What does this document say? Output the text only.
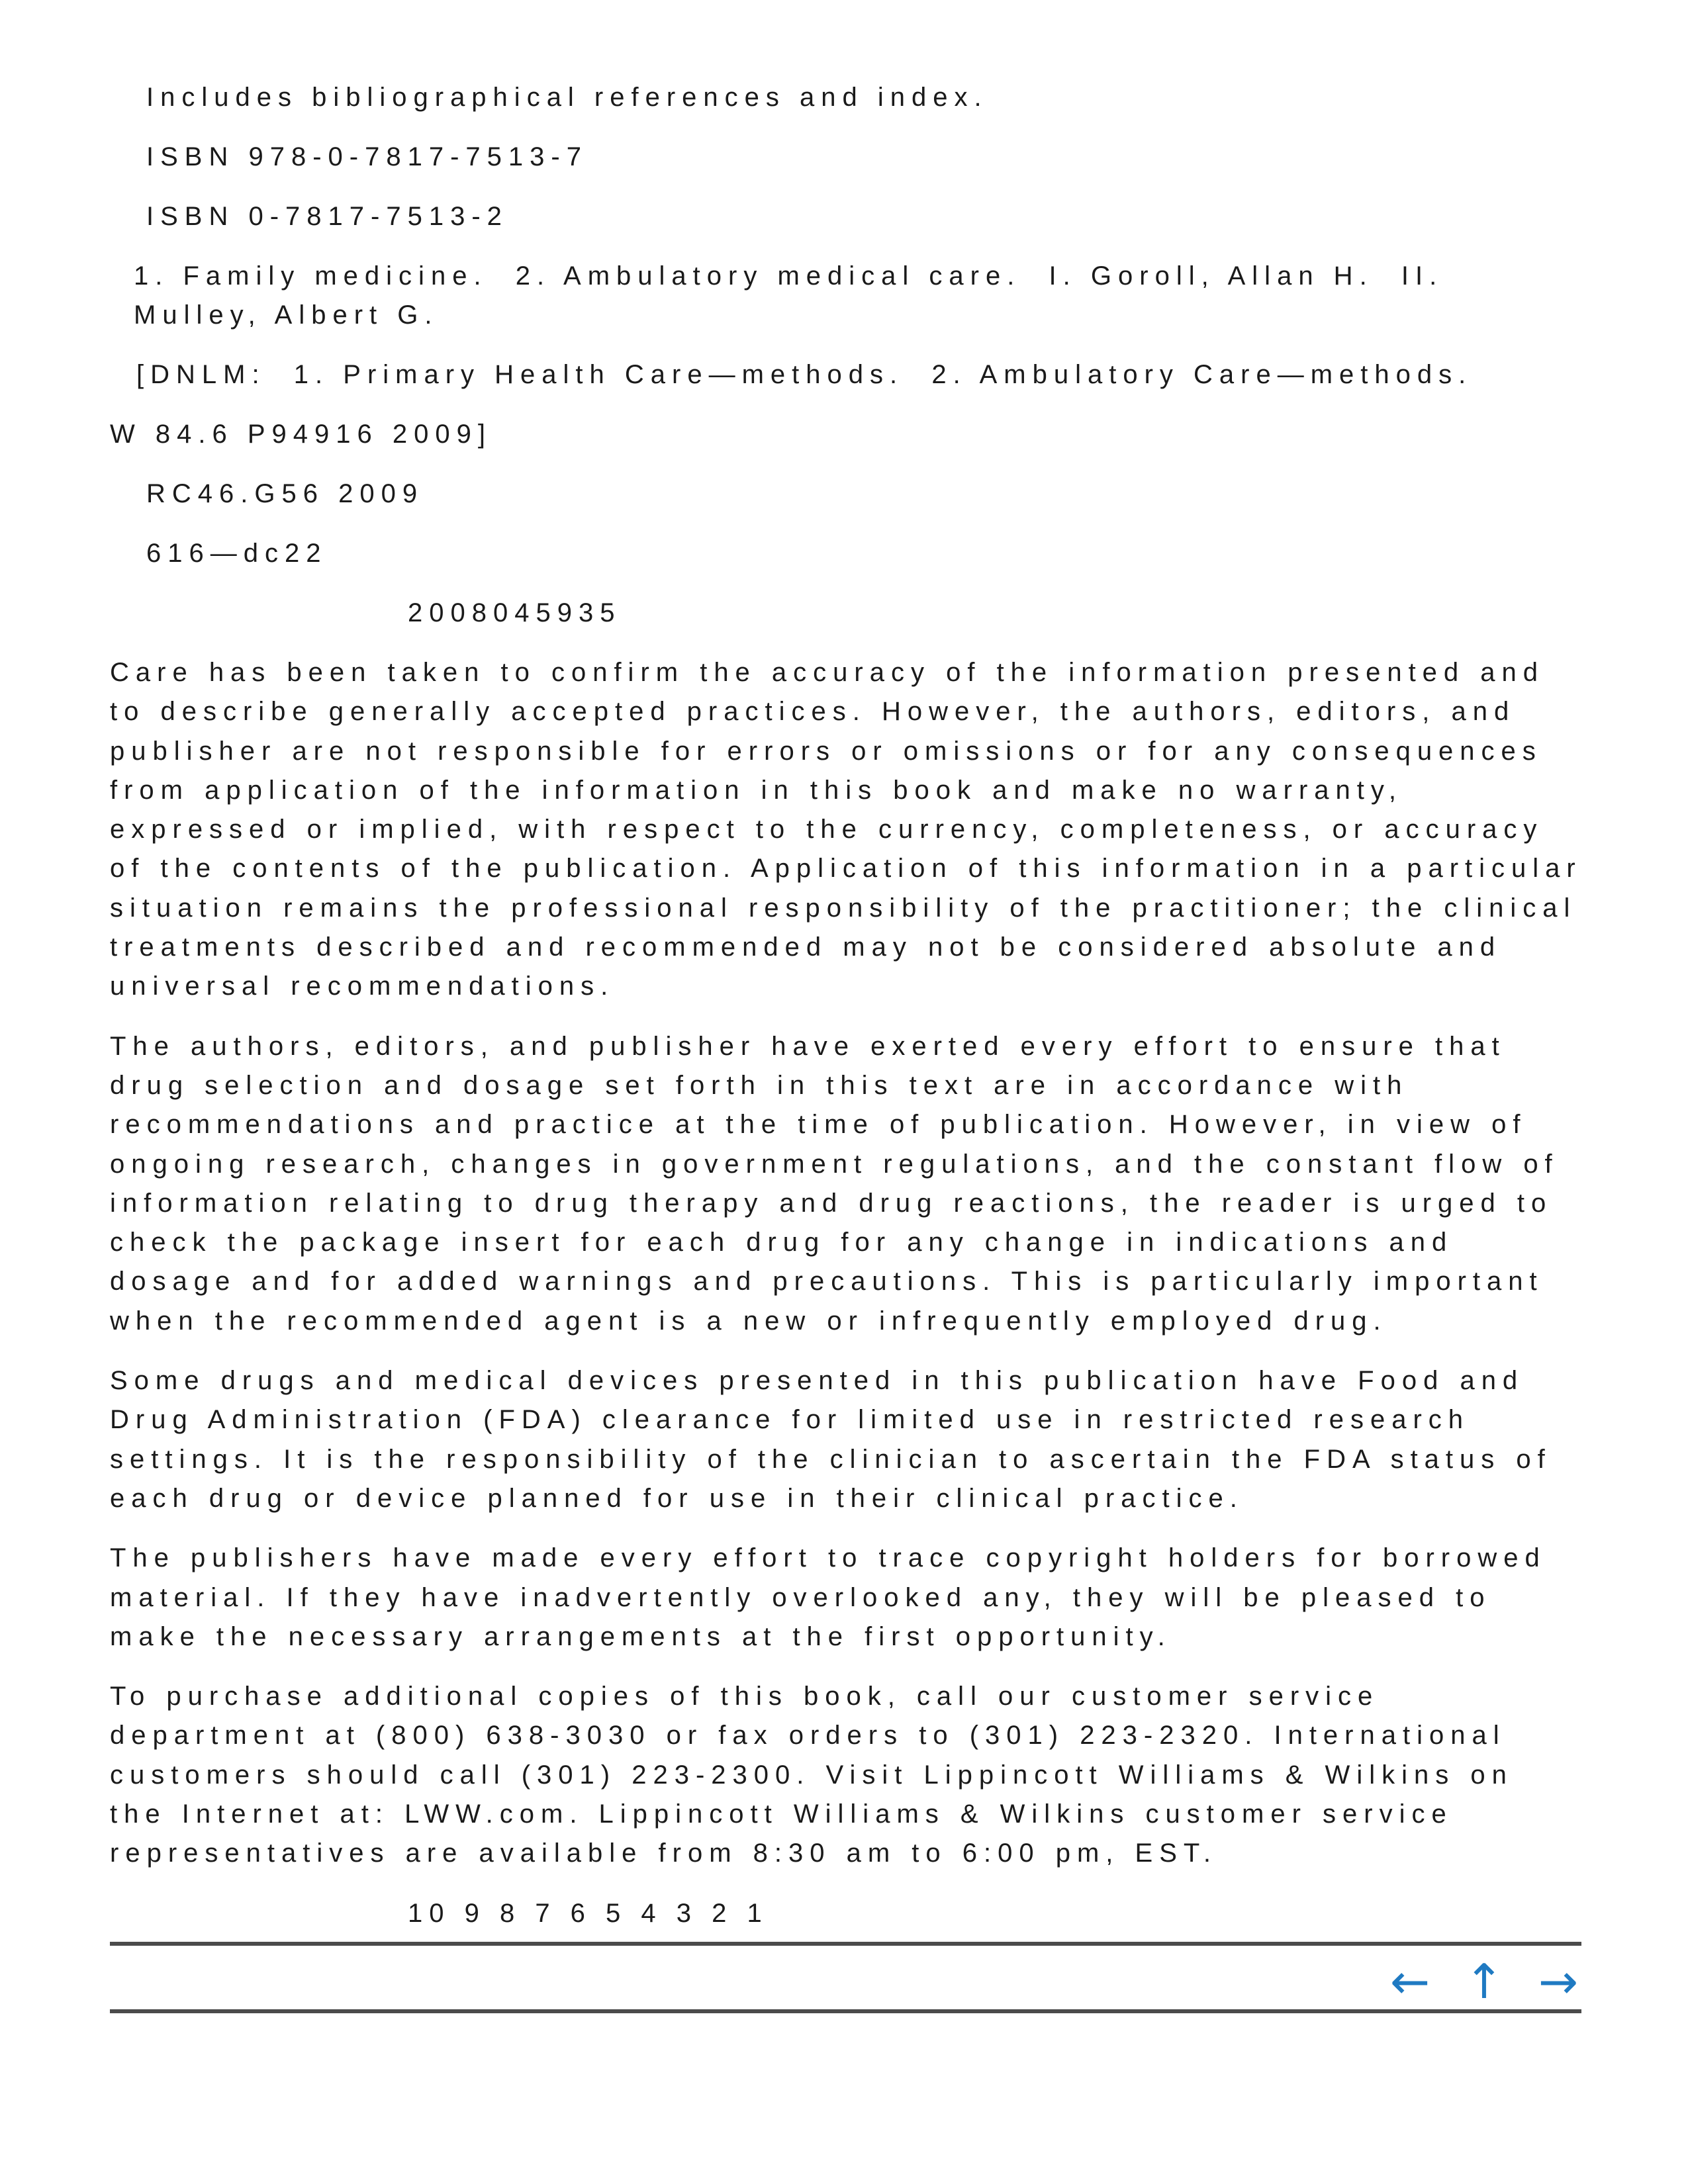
Includes bibliographical references and index.
ISBN 978-0-7817-7513-7
ISBN 0-7817-7513-2
1. Family medicine.  2. Ambulatory medical care.  I. Goroll, Allan H.  II. Mulley, Albert G.
[DNLM:  1. Primary Health Care—methods.  2. Ambulatory Care—methods.
W 84.6 P94916 2009]
RC46.G56 2009
616—dc22
2008045935

Care has been taken to confirm the accuracy of the information presented and to describe generally accepted practices. However, the authors, editors, and publisher are not responsible for errors or omissions or for any consequences from application of the information in this book and make no warranty, expressed or implied, with respect to the currency, completeness, or accuracy of the contents of the publication. Application of this information in a particular situation remains the professional responsibility of the practitioner; the clinical treatments described and recommended may not be considered absolute and universal recommendations.

The authors, editors, and publisher have exerted every effort to ensure that drug selection and dosage set forth in this text are in accordance with recommendations and practice at the time of publication. However, in view of ongoing research, changes in government regulations, and the constant flow of information relating to drug therapy and drug reactions, the reader is urged to check the package insert for each drug for any change in indications and dosage and for added warnings and precautions. This is particularly important when the recommended agent is a new or infrequently employed drug.

Some drugs and medical devices presented in this publication have Food and Drug Administration (FDA) clearance for limited use in restricted research settings. It is the responsibility of the clinician to ascertain the FDA status of each drug or device planned for use in their clinical practice.

The publishers have made every effort to trace copyright holders for borrowed material. If they have inadvertently overlooked any, they will be pleased to make the necessary arrangements at the first opportunity.

To purchase additional copies of this book, call our customer service department at (800) 638-3030 or fax orders to (301) 223-2320. International customers should call (301) 223-2300. Visit Lippincott Williams & Wilkins on the Internet at: LWW.com. Lippincott Williams & Wilkins customer service representatives are available from 8:30 am to 6:00 pm, EST.

10 9 8 7 6 5 4 3 2 1
← ↑ →
